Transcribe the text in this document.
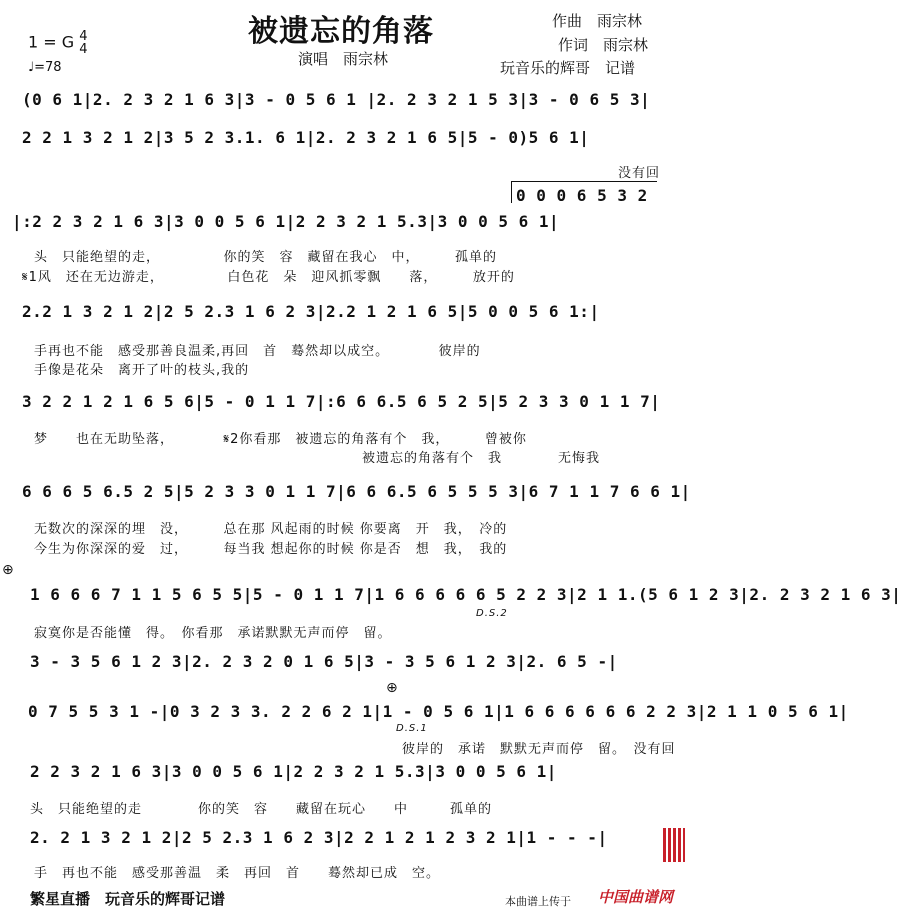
被遗忘的角落
演唱　雨宗林
作曲　雨宗林
作词　雨宗林
玩音乐的辉哥　记谱
1 = G 4
4
♩=78
(0 6 1|2. 2 3 2 1 6 3|3 - 0 5 6 1 |2. 2 3 2 1 5 3|3 - 0 6 5 3|
2 2 1 3 2 1 2|3 5 2 3.1. 6 1|2. 2 3 2 1 6 5|5 - 0)5 6 1|
没有回
0 0 0 6 5 3 2
|:2 2 3 2 1 6 3|3 0 0 5 6 1|2 2 3 2 1 5.3|3 0 0 5 6 1|
头　只能绝望的走，　　　　　你的笑　容　藏留在我心　中，　　　孤单的
𝄋1风　还在无边游走，　　　　　白色花　朵　迎风抓零飘　　落，　　　放开的
2.2 1 3 2 1 2|2 5 2.3 1 6 2 3|2.2 1 2 1 6 5|5 0 0 5 6 1:|
手再也不能　感受那善良温柔,再回　首　蓦然却以成空。　　　　彼岸的
手像是花朵　离开了叶的枝头,我的
3 2 2 1 2 1 6 5 6|5 - 0 1 1 7|:6 6 6.5 6 5 2 5|5 2 3 3 0 1 1 7|
梦　　也在无助坠落，　　　　𝄋2你看那　被遗忘的角落有个　我，　　　曾被你
被遗忘的角落有个　我　　　　无悔我
6 6 6 5 6.5 2 5|5 2 3 3 0 1 1 7|6 6 6.5 6 5 5 5 3|6 7 1 1 7 6 6 1|
无数次的深深的埋　没，　　　总在那 风起雨的时候 你要离　开　我，　冷的
今生为你深深的爱　过，　　　每当我 想起你的时候 你是否　想　我，　我的
⊕
1 6 6 6 7 1 1 5 6 5 5|5 - 0 1 1 7|1 6 6 6 6 6 5 2 2 3|2 1 1.(5 6 1 2 3|2. 2 3 2 1 6 3|
寂寞你是否能懂　得。　你看那　承诺默默无声而停　留。
D.S.2
3 - 3 5 6 1 2 3|2. 2 3 2 0 1 6 5|3 - 3 5 6 1 2 3|2. 6 5 -|
⊕
0 7 5 5 3 1 -|0 3 2 3 3. 2 2 6 2 1|1 - 0 5 6 1|1 6 6 6 6 6 6 2 2 3|2 1 1 0 5 6 1|
彼岸的　承诺　默默无声而停　留。　没有回
D.S.1
2 2 3 2 1 6 3|3 0 0 5 6 1|2 2 3 2 1 5.3|3 0 0 5 6 1|
头　只能绝望的走　　　　你的笑　容　　藏留在玩心　　中　　　孤单的
2. 2 1 3 2 1 2|2 5 2.3 1 6 2 3|2 2 1 2 1 2 3 2 1|1 - - -|
手　再也不能　感受那善温　柔　再回　首　　蓦然却已成　空。
繁星直播　玩音乐的辉哥记谱	本曲谱上传于 中国曲谱网
